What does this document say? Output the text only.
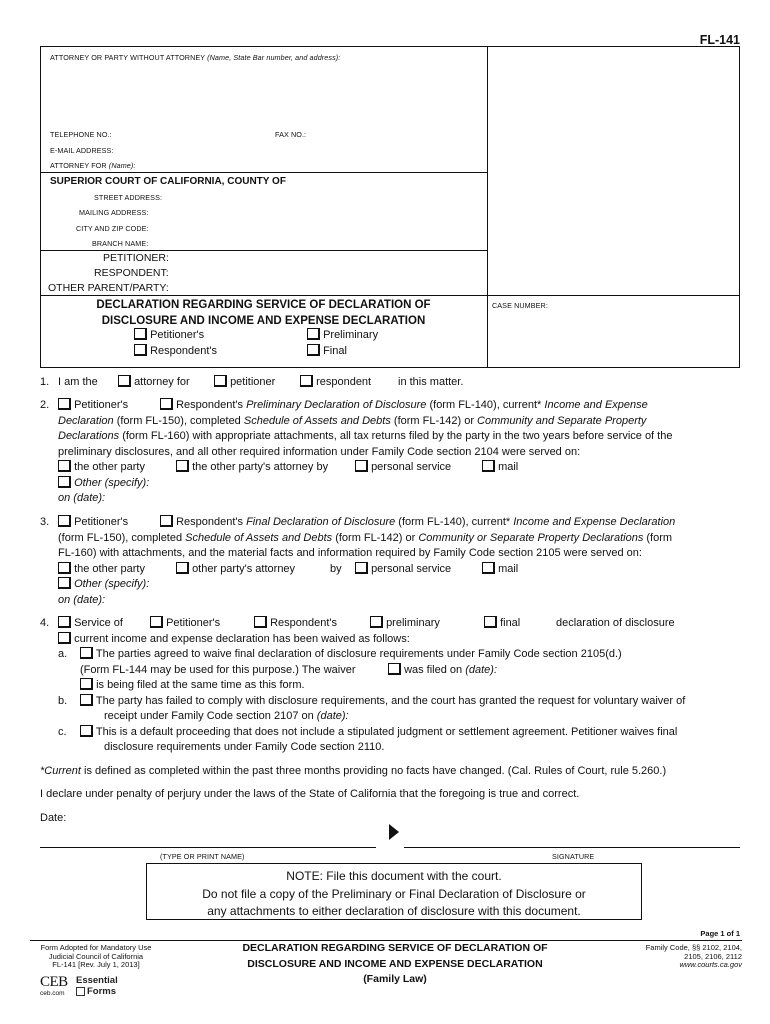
FL-141
ATTORNEY OR PARTY WITHOUT ATTORNEY (Name, State Bar number, and address):
TELEPHONE NO.:	FAX NO.:
E-MAIL ADDRESS:
ATTORNEY FOR (Name):
SUPERIOR COURT OF CALIFORNIA, COUNTY OF
STREET ADDRESS:
MAILING ADDRESS:
CITY AND ZIP CODE:
BRANCH NAME:
PETITIONER:
RESPONDENT:
OTHER PARENT/PARTY:
DECLARATION REGARDING SERVICE OF DECLARATION OF
DISCLOSURE AND INCOME AND EXPENSE DECLARATION
Petitioner's
Respondent's
Preliminary
Final
CASE NUMBER:
1. I am the	attorney for	petitioner	respondent in this matter.
2.	Petitioner's	Respondent's Preliminary Declaration of Disclosure (form FL-140), current* Income and Expense
Declaration (form FL-150), completed Schedule of Assets and Debts (form FL-142) or Community and Separate Property
Declarations (form FL-160) with appropriate attachments, all tax returns filed by the party in the two years before service of the
preliminary disclosures, and all other required information under Family Code section 2104 were served on:
the other party	the other party's attorney by	personal service	mail
Other (specify):
on (date):
3.	Petitioner's	Respondent's Final Declaration of Disclosure (form FL-140), current* Income and Expense Declaration
(form FL-150), completed Schedule of Assets and Debts (form FL-142) or Community or Separate Property Declarations (form
FL-160) with attachments, and the material facts and information required by Family Code section 2105 were served on:
the other party	other party's attorney	by	personal service	mail
Other (specify):
on (date):
4.	Service of	Petitioner's	Respondent's	preliminary	final	declaration of disclosure
current income and expense declaration has been waived as follows:
a.	The parties agreed to waive final declaration of disclosure requirements under Family Code section 2105(d.)
(Form FL-144 may be used for this purpose.) The waiver	was filed on (date):
is being filed at the same time as this form.
b.	The party has failed to comply with disclosure requirements, and the court has granted the request for voluntary waiver of
receipt under Family Code section 2107 on (date):
c.	This is a default proceeding that does not include a stipulated judgment or settlement agreement. Petitioner waives final
disclosure requirements under Family Code section 2110.
*Current is defined as completed within the past three months providing no facts have changed. (Cal. Rules of Court, rule 5.260.)
I declare under penalty of perjury under the laws of the State of California that the foregoing is true and correct.
Date:
(TYPE OR PRINT NAME)	SIGNATURE
NOTE: File this document with the court.
Do not file a copy of the Preliminary or Final Declaration of Disclosure or
any attachments to either declaration of disclosure with this document.
Page 1 of 1
Form Adopted for Mandatory Use
Judicial Council of California
FL-141 [Rev. July 1, 2013]
DECLARATION REGARDING SERVICE OF DECLARATION OF
DISCLOSURE AND INCOME AND EXPENSE DECLARATION
(Family Law)
Family Code, §§ 2102, 2104,
2105, 2106, 2112
www.courts.ca.gov
CEB
ceb.com
Essential
Forms
